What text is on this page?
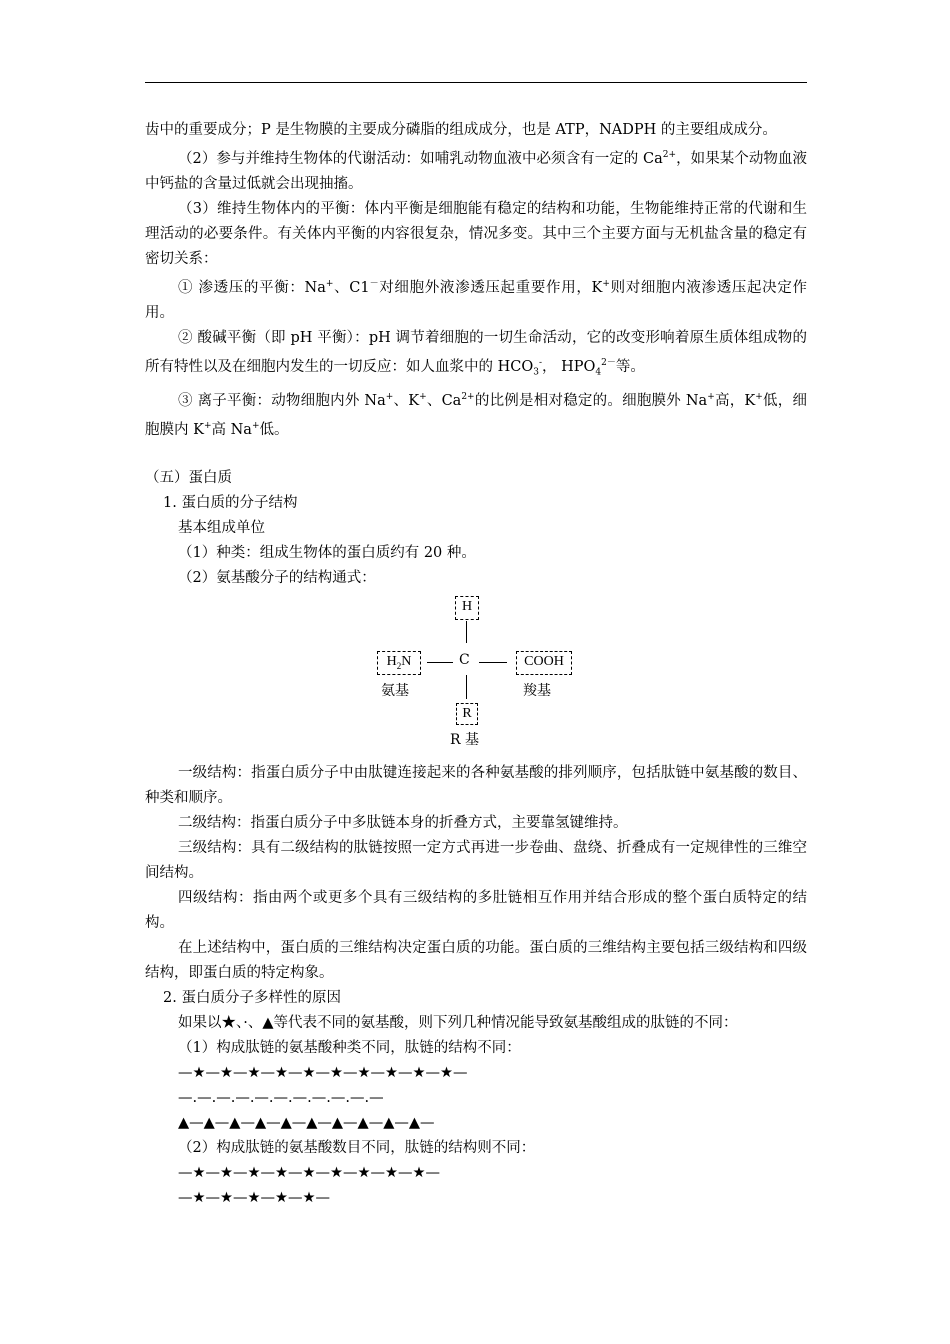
齿中的重要成分；P 是生物膜的主要成分磷脂的组成成分，也是 ATP，NADPH 的主要组成成分。

（2）参与并维持生物体的代谢活动：如哺乳动物血液中必须含有一定的 $Ca^{2+}$，如果某个动物血液中钙盐的含量过低就会出现抽搐。

（3）维持生物体内的平衡：体内平衡是细胞能有稳定的结构和功能，生物能维持正常的代谢和生理活动的必要条件。有关体内平衡的内容很复杂，情况多变。其中三个主要方面与无机盐含量的稳定有密切关系：

① 渗透压的平衡：Na+、C1－对细胞外液渗透压起重要作用，K+则对细胞内液渗透压起决定作用。

② 酸碱平衡（即 pH 平衡）：pH 调节着细胞的一切生命活动，它的改变形响着原生质体组成物的所有特性以及在细胞内发生的一切反应：如人血浆中的 $HCO_3^-$， $HPO_4^{2-}$等。

③ 离子平衡：动物细胞内外 Na+、K+、$Ca^{2+}$的比例是相对稳定的。细胞膜外 Na+高，K+低，细胞膜内 K+高 Na+低。

（五）蛋白质

1. 蛋白质的分子结构

基本组成单位

（1）种类：组成生物体的蛋白质约有 20 种。

（2）氨基酸分子的结构通式：

H
$H_2N$	C	COOH
R
氨基	羧基
R 基

一级结构：指蛋白质分子中由肽键连接起来的各种氨基酸的排列顺序，包括肽链中氨基酸的数目、种类和顺序。

二级结构：指蛋白质分子中多肽链本身的折叠方式，主要靠氢键维持。

三级结构：具有二级结构的肽链按照一定方式再进一步卷曲、盘绕、折叠成有一定规律性的三维空间结构。

四级结构：指由两个或更多个具有三级结构的多肚链相互作用并结合形成的整个蛋白质特定的结构。

在上述结构中，蛋白质的三维结构决定蛋白质的功能。蛋白质的三维结构主要包括三级结构和四级结构，即蛋白质的特定构象。

2. 蛋白质分子多样性的原因

如果以★、·、▲等代表不同的氨基酸，则下列几种情况能导致氨基酸组成的肽链的不同：

（1）构成肽链的氨基酸种类不同，肽链的结构不同：

—★—★—★—★—★—★—★—★—★—★—
—.—.—.—.—.—.—.—.—.—.—
▲—▲—▲—▲—▲—▲—▲—▲—▲—▲—

（2）构成肽链的氨基酸数目不同，肽链的结构则不同：

—★—★—★—★—★—★—★—★—★—
—★—★—★—★—★—
